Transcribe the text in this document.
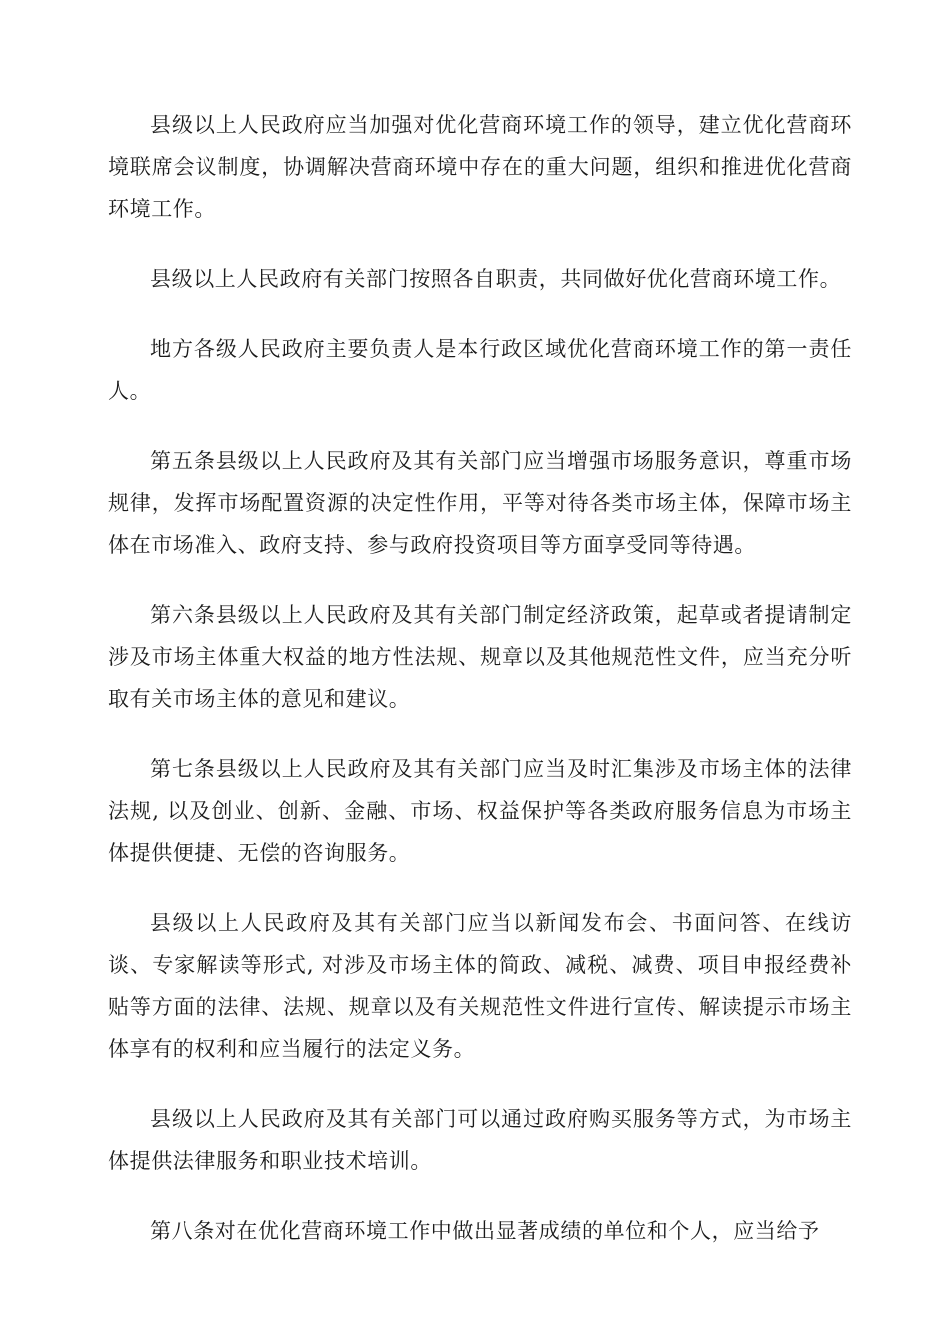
县级以上人民政府应当加强对优化营商环境工作的领导，建立优化营商环境联席会议制度，协调解决营商环境中存在的重大问题，组织和推进优化营商环境工作。

县级以上人民政府有关部门按照各自职责，共同做好优化营商环境工作。

地方各级人民政府主要负责人是本行政区域优化营商环境工作的第一责任人。

第五条县级以上人民政府及其有关部门应当增强市场服务意识，尊重市场规律，发挥市场配置资源的决定性作用，平等对待各类市场主体，保障市场主体在市场准入、政府支持、参与政府投资项目等方面享受同等待遇。

第六条县级以上人民政府及其有关部门制定经济政策，起草或者提请制定涉及市场主体重大权益的地方性法规、规章以及其他规范性文件，应当充分听取有关市场主体的意见和建议。

第七条县级以上人民政府及其有关部门应当及时汇集涉及市场主体的法律法规, 以及创业、创新、金融、市场、权益保护等各类政府服务信息为市场主体提供便捷、无偿的咨询服务。

县级以上人民政府及其有关部门应当以新闻发布会、书面问答、在线访谈、专家解读等形式, 对涉及市场主体的简政、减税、减费、项目申报经费补贴等方面的法律、法规、规章以及有关规范性文件进行宣传、解读提示市场主体享有的权利和应当履行的法定义务。

县级以上人民政府及其有关部门可以通过政府购买服务等方式，为市场主体提供法律服务和职业技术培训。

第八条对在优化营商环境工作中做出显著成绩的单位和个人，应当给予
